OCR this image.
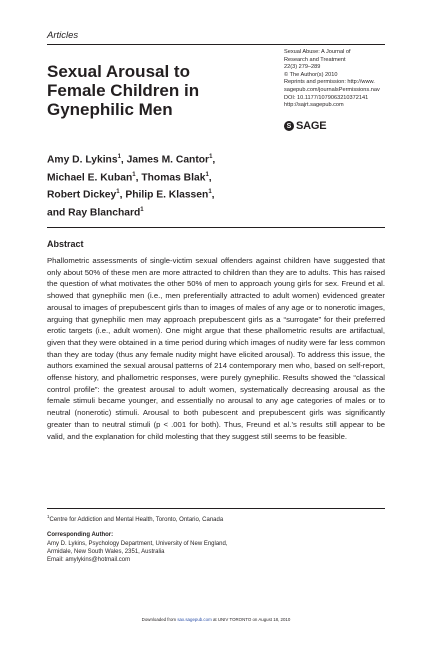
Articles
Sexual Arousal to Female Children in Gynephilic Men
Sexual Abuse: A Journal of
Research and Treatment
22(3) 279–289
© The Author(s) 2010
Reprints and permission: http://www.
sagepub.com/journalsPermissions.nav
DOI: 10.1177/1079063210372141
http://sajrt.sagepub.com
S SAGE
Amy D. Lykins$^1$, James M. Cantor$^1$,
Michael E. Kuban$^1$, Thomas Blak$^1$,
Robert Dickey$^1$, Philip E. Klassen$^1$,
and Ray Blanchard$^1$
Abstract
Phallometric assessments of single-victim sexual offenders against children have suggested that only about 50% of these men are more attracted to children than they are to adults. This has raised the question of what motivates the other 50% of men to approach young girls for sex. Freund et al. showed that gynephilic men (i.e., men preferentially attracted to adult women) evidenced greater arousal to images of prepubescent girls than to images of males of any age or to nonerotic images, arguing that gynephilic men may approach prepubescent girls as a “surrogate” for their preferred erotic targets (i.e., adult women). One might argue that these phallometric results are artifactual, given that they were obtained in a time period during which images of nudity were far less common than they are today (thus any female nudity might have elicited arousal). To address this issue, the authors examined the sexual arousal patterns of 214 contemporary men who, based on self-report, offense history, and phallometric responses, were purely gynephilic. Results showed the “classical control profile”: the greatest arousal to adult women, systematically decreasing arousal as the female stimuli became younger, and essentially no arousal to any age categories of males or to neutral (nonerotic) stimuli. Arousal to both pubescent and prepubescent girls was significantly greater than to neutral stimuli (p < .001 for both). Thus, Freund et al.’s results still appear to be valid, and the explanation for child molesting that they suggest still seems to be feasible.
$^1$Centre for Addiction and Mental Health, Toronto, Ontario, Canada
Corresponding Author:
Amy D. Lykins, Psychology Department, University of New England,
Armidale, New South Wales, 2351, Australia
Email: amylykins@hotmail.com
Downloaded from sax.sagepub.com at UNIV TORONTO on August 18, 2010
